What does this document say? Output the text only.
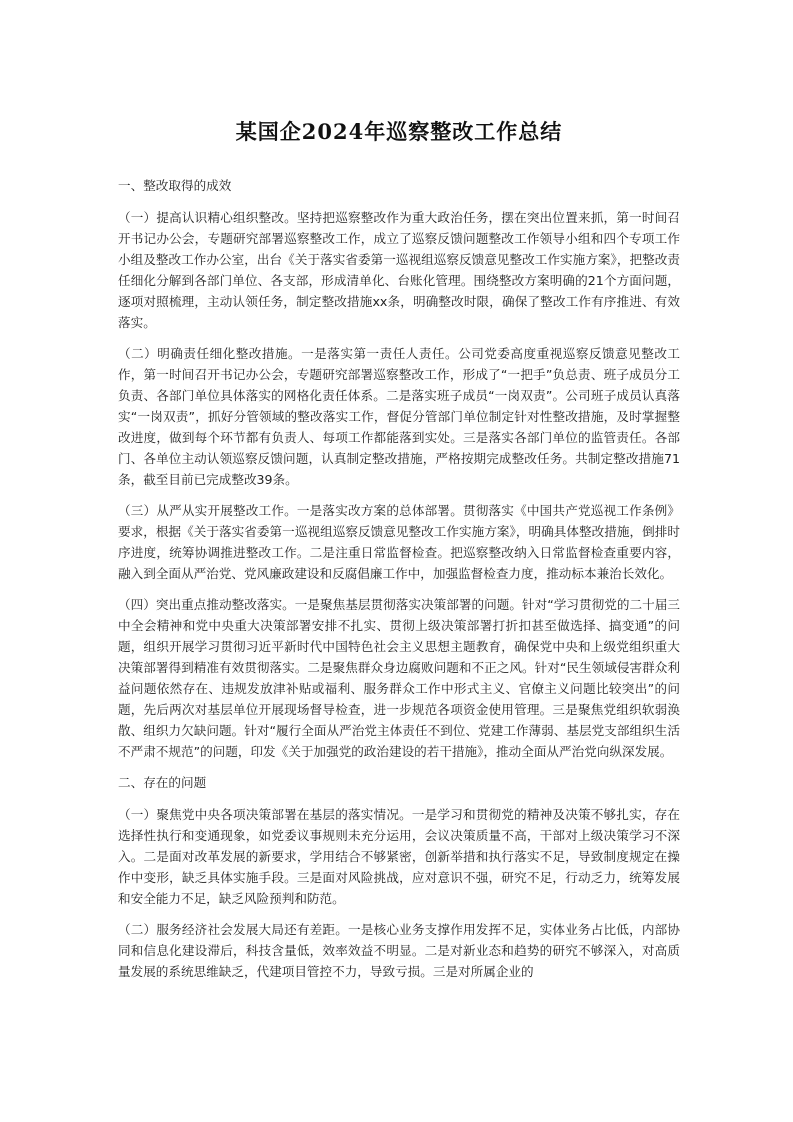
某国企2024年巡察整改工作总结
一、整改取得的成效

（一）提高认识精心组织整改。坚持把巡察整改作为重大政治任务，摆在突出位置来抓，第一时间召开书记办公会，专题研究部署巡察整改工作，成立了巡察反馈问题整改工作领导小组和四个专项工作小组及整改工作办公室，出台《关于落实省委第一巡视组巡察反馈意见整改工作实施方案》，把整改责任细化分解到各部门单位、各支部，形成清单化、台账化管理。围绕整改方案明确的21个方面问题，逐项对照梳理，主动认领任务，制定整改措施xx条，明确整改时限，确保了整改工作有序推进、有效落实。

（二）明确责任细化整改措施。一是落实第一责任人责任。公司党委高度重视巡察反馈意见整改工作，第一时间召开书记办公会，专题研究部署巡察整改工作，形成了“一把手”负总责、班子成员分工负责、各部门单位具体落实的网格化责任体系。二是落实班子成员“一岗双责”。公司班子成员认真落实“一岗双责”，抓好分管领域的整改落实工作，督促分管部门单位制定针对性整改措施，及时掌握整改进度，做到每个环节都有负责人、每项工作都能落到实处。三是落实各部门单位的监管责任。各部门、各单位主动认领巡察反馈问题，认真制定整改措施，严格按期完成整改任务。共制定整改措施71条，截至目前已完成整改39条。

（三）从严从实开展整改工作。一是落实改方案的总体部署。贯彻落实《中国共产党巡视工作条例》要求，根据《关于落实省委第一巡视组巡察反馈意见整改工作实施方案》，明确具体整改措施，倒排时序进度，统筹协调推进整改工作。二是注重日常监督检查。把巡察整改纳入日常监督检查重要内容，融入到全面从严治党、党风廉政建设和反腐倡廉工作中，加强监督检查力度，推动标本兼治长效化。

（四）突出重点推动整改落实。一是聚焦基层贯彻落实决策部署的问题。针对“学习贯彻党的二十届三中全会精神和党中央重大决策部署安排不扎实、贯彻上级决策部署打折扣甚至做选择、搞变通”的问题，组织开展学习贯彻习近平新时代中国特色社会主义思想主题教育，确保党中央和上级党组织重大决策部署得到精准有效贯彻落实。二是聚焦群众身边腐败问题和不正之风。针对“民生领域侵害群众利益问题依然存在、违规发放津补贴或福利、服务群众工作中形式主义、官僚主义问题比较突出”的问题，先后两次对基层单位开展现场督导检查，进一步规范各项资金使用管理。三是聚焦党组织软弱涣散、组织力欠缺问题。针对“履行全面从严治党主体责任不到位、党建工作薄弱、基层党支部组织生活不严肃不规范”的问题，印发《关于加强党的政治建设的若干措施》，推动全面从严治党向纵深发展。

二、存在的问题

（一）聚焦党中央各项决策部署在基层的落实情况。一是学习和贯彻党的精神及决策不够扎实，存在选择性执行和变通现象，如党委议事规则未充分运用，会议决策质量不高，干部对上级决策学习不深入。二是面对改革发展的新要求，学用结合不够紧密，创新举措和执行落实不足，导致制度规定在操作中变形，缺乏具体实施手段。三是面对风险挑战，应对意识不强，研究不足，行动乏力，统筹发展和安全能力不足，缺乏风险预判和防范。

（二）服务经济社会发展大局还有差距。一是核心业务支撑作用发挥不足，实体业务占比低，内部协同和信息化建设滞后，科技含量低，效率效益不明显。二是对新业态和趋势的研究不够深入，对高质量发展的系统思维缺乏，代建项目管控不力，导致亏损。三是对所属企业的
